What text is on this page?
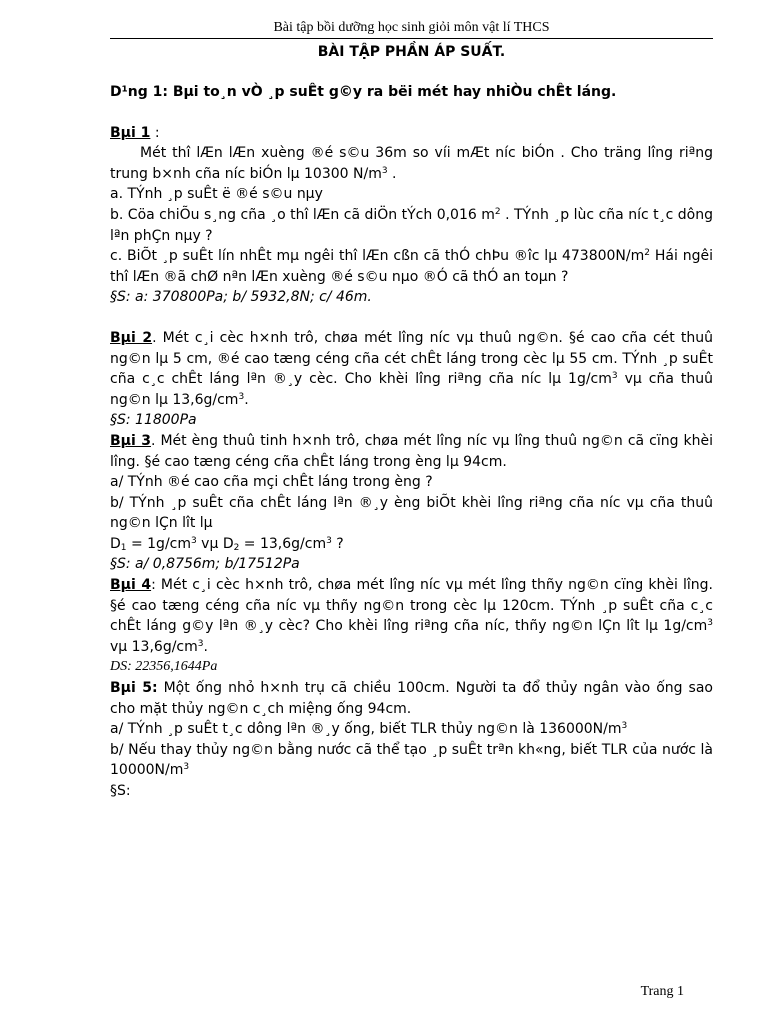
Bài tập bồi dưỡng học sinh giỏi môn vật lí THCS
BÀI TẬP PHẦN ÁP SUẤT.

D¹ng 1: Bµi to¸n vÒ ¸p suÊt g©y ra bëi mét hay nhiÒu chÊt láng.

Bµi 1 :

Mét thî lÆn lÆn xuèng ®é s©u 36m so víi mÆt níc biÓn . Cho träng lîng riªng trung b×nh cña níc biÓn lµ 10300 $N/m^3$ .

a. TÝnh ¸p suÊt ë ®é s©u nµy

b. Cöa chiÕu s¸ng cña ¸o thî lÆn cã diÖn tÝch 0,016 $m^2$ . TÝnh ¸p lùc cña níc t¸c dông lªn phÇn nµy ?

c. BiÕt ¸p suÊt lín nhÊt mµ ngêi thî lÆn cßn cã thÓ chÞu ®îc lµ $473800N/m^2$ Hái ngêi thî lÆn ®ã chØ nªn lÆn xuèng ®é s©u nµo ®Ó cã thÓ an toµn ?

§S: a: 370800Pa; b/ 5932,8N; c/ 46m.

Bµi 2. Mét c¸i cèc h×nh trô, chøa mét lîng níc vµ thuû ng©n. §é cao cña cét thuû ng©n lµ 5 cm, ®é cao tæng céng cña cét chÊt láng trong cèc lµ 55 cm. TÝnh ¸p suÊt cña c¸c chÊt láng lªn ®¸y cèc. Cho khèi lîng riªng cña níc lµ $1g/cm^3$ vµ cña thuû ng©n lµ $13,6g/cm^3$.

§S: 11800Pa

Bµi 3. Mét èng thuû tinh h×nh trô, chøa mét lîng níc vµ lîng thuû ng©n cã cïng khèi lîng. §é cao tæng céng cña chÊt láng trong èng lµ 94cm.

a/ TÝnh ®é cao cña mçi chÊt láng trong èng ?

b/ TÝnh ¸p suÊt cña chÊt láng lªn ®¸y èng biÕt khèi lîng riªng cña níc vµ cña thuû ng©n lÇn lît lµ

$D_1 = 1g/cm^3$ vµ $D_2 = 13,6g/cm^3$ ?

§S: a/ 0,8756m; b/17512Pa

Bµi 4: Mét c¸i cèc h×nh trô, chøa mét lîng níc vµ mét lîng thñy ng©n cïng khèi lîng. §é cao tæng céng cña níc vµ thñy ng©n trong cèc lµ 120cm. TÝnh ¸p suÊt cña c¸c chÊt láng g©y lªn ®¸y cèc? Cho khèi lîng riªng cña níc, thñy ng©n lÇn lît lµ $1g/cm^3$ vµ $13,6g/cm^3$.

DS: 22356,1644Pa

Bµi 5: Một ống nhỏ h×nh trụ cã chiều 100cm. Người ta đổ thủy ngân vào ống sao cho mặt thủy ng©n c¸ch miệng ống 94cm.

a/ TÝnh ¸p suÊt t¸c dông lªn ®¸y ống, biết TLR thủy ng©n là $136000N/m^3$

b/ Nếu thay thủy ng©n bằng nước cã thể tạo ¸p suÊt trªn kh«ng, biết TLR của nước là $10000N/m^3$

§S:

Trang 1
